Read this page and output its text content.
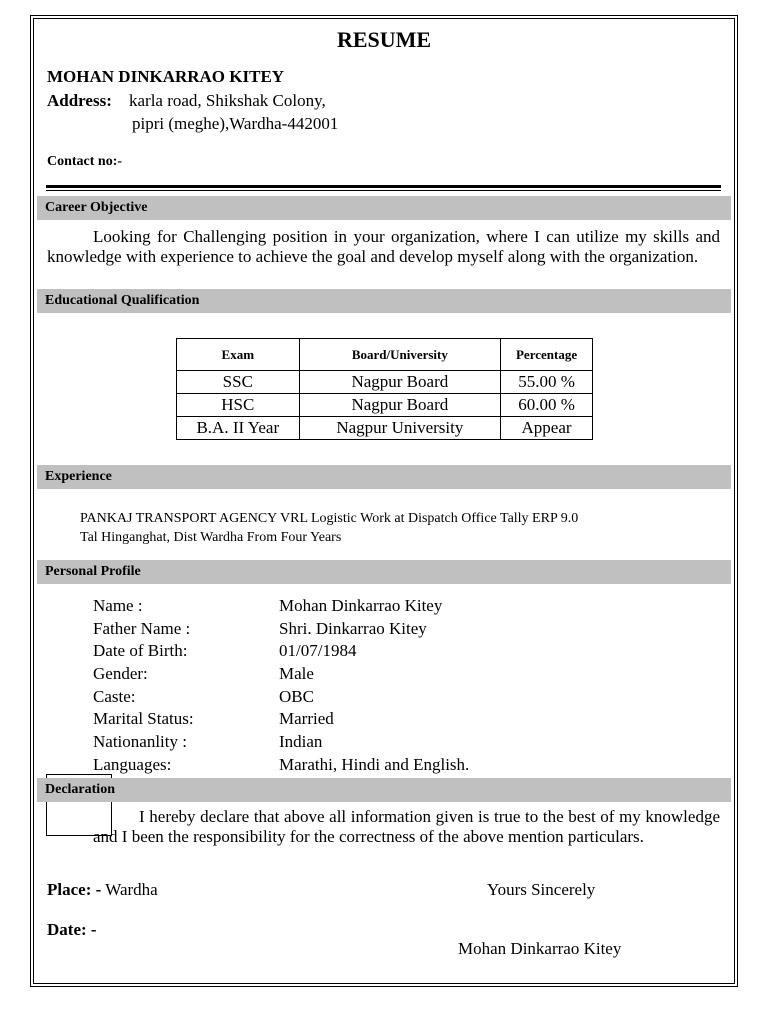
RESUME
MOHAN DINKARRAO KITEY
Address: karla road, Shikshak Colony,
pipri (meghe),Wardha-442001
Contact no:-
Career Objective
Looking for Challenging position in your organization, where I can utilize my skills and knowledge with experience to achieve the goal and develop myself along with the organization.
Educational Qualification
Exam	Board/University	Percentage
SSC	Nagpur Board	55.00 %
HSC	Nagpur Board	60.00 %
B.A. II Year	Nagpur University	Appear
Experience
PANKAJ TRANSPORT AGENCY VRL Logistic Work at Dispatch Office Tally ERP 9.0
Tal Hinganghat, Dist Wardha From Four Years
Personal Profile
Name :	Mohan Dinkarrao Kitey
Father Name :	Shri. Dinkarrao Kitey
Date of Birth:	01/07/1984
Gender:	Male
Caste:	OBC
Marital Status:	Married
Nationanlity :	Indian
Languages:	Marathi, Hindi and English.
Declaration
I hereby declare that above all information given is true to the best of my knowledge and I been the responsibility for the correctness of the above mention particulars.
Place: - Wardha	Yours Sincerely
Date: -
Mohan Dinkarrao Kitey
